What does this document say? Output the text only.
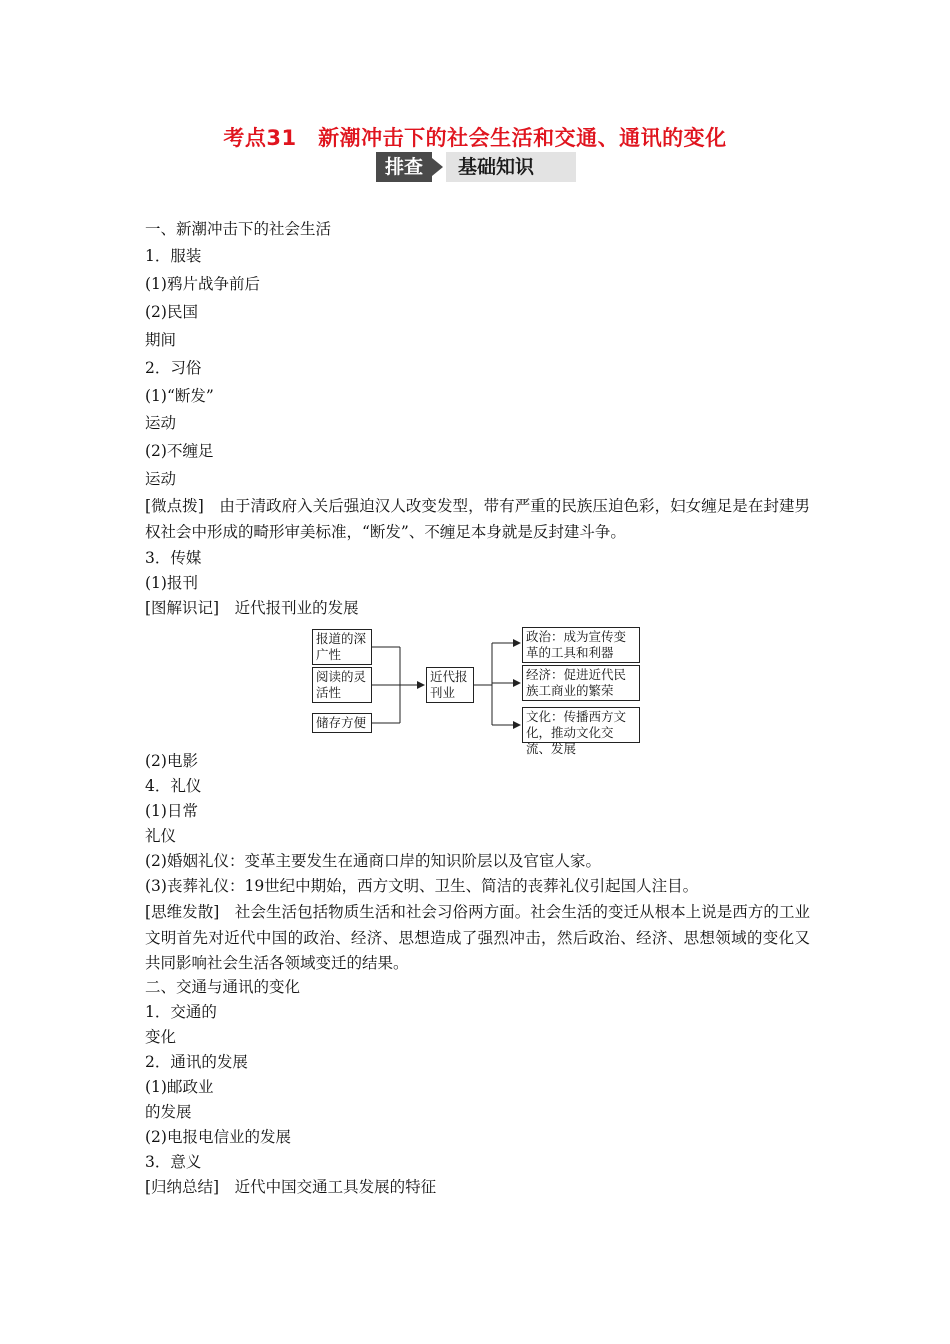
考点31　新潮冲击下的社会生活和交通、通讯的变化
排查	基础知识
一、新潮冲击下的社会生活
1．服装
(1)鸦片战争前后
(2)民国
期间
2．习俗
(1)“断发”
运动
(2)不缠足
运动
[微点拨]　由于清政府入关后强迫汉人改变发型，带有严重的民族压迫色彩，妇女缠足是在封建男权社会中形成的畸形审美标准，“断发”、不缠足本身就是反封建斗争。
3．传媒
(1)报刊
[图解识记]　近代报刊业的发展
报道的深广性
阅读的灵活性
储存方便
近代报刊业
政治：成为宣传变革的工具和利器
经济：促进近代民族工商业的繁荣
文化：传播西方文化，推动文化交流、发展
(2)电影
4．礼仪
(1)日常
礼仪
(2)婚姻礼仪：变革主要发生在通商口岸的知识阶层以及官宦人家。
(3)丧葬礼仪：19世纪中期始，西方文明、卫生、简洁的丧葬礼仪引起国人注目。
[思维发散]　社会生活包括物质生活和社会习俗两方面。社会生活的变迁从根本上说是西方的工业文明首先对近代中国的政治、经济、思想造成了强烈冲击，然后政治、经济、思想领域的变化又共同影响社会生活各领域变迁的结果。
二、交通与通讯的变化
1．交通的
变化
2．通讯的发展
(1)邮政业
的发展
(2)电报电信业的发展
3．意义
[归纳总结]　近代中国交通工具发展的特征
